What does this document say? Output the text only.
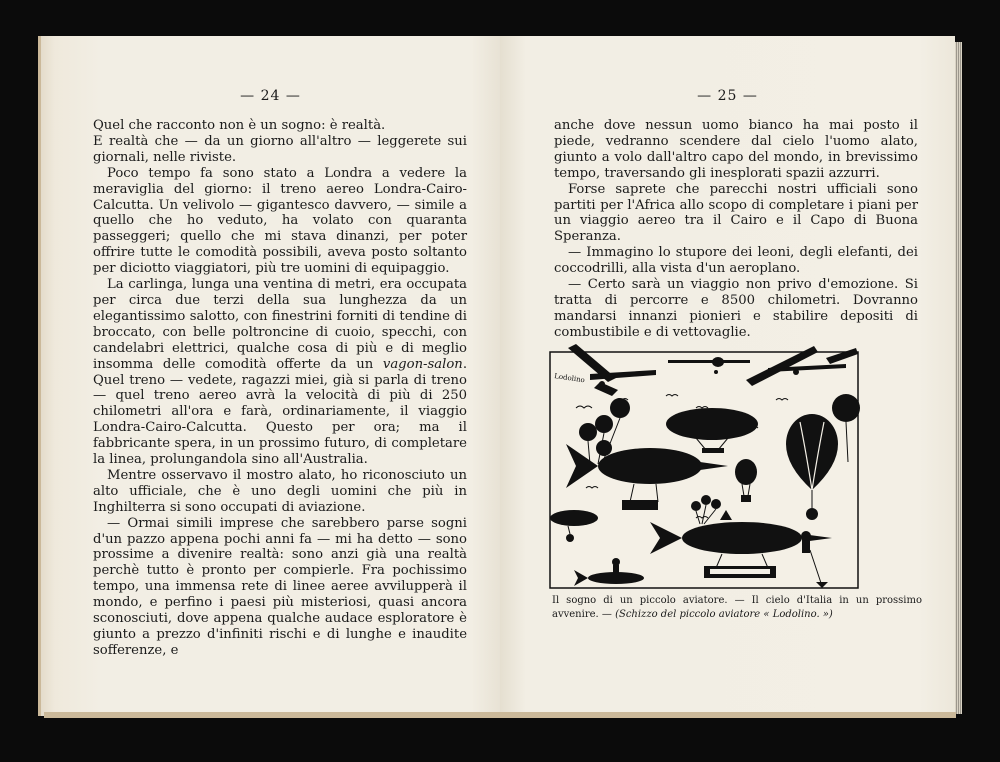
— 24 —

Quel che racconto non è un sogno: è realtà.

E realtà che — da un giorno all'altro — leggerete sui giornali, nelle riviste.

Poco tempo fa sono stato a Londra a vedere la meraviglia del giorno: il treno aereo Londra-Cairo-Calcutta. Un velivolo — gigantesco davvero, — simile a quello che ho veduto, ha volato con quaranta passeggeri; quello che mi stava dinanzi, per poter offrire tutte le comodità possibili, aveva posto soltanto per diciotto viaggiatori, più tre uomini di equipaggio.

La carlinga, lunga una ventina di metri, era occupata per circa due terzi della sua lunghezza da un elegantissimo salotto, con finestrini forniti di tendine di broccato, con belle poltroncine di cuoio, specchi, con candelabri elettrici, qualche cosa di più e di meglio insomma delle comodità offerte da un vagon-salon. Quel treno — vedete, ragazzi miei, già si parla di treno — quel treno aereo avrà la velocità di più di 250 chilometri all'ora e farà, ordinariamente, il viaggio Londra-Cairo-Calcutta. Questo per ora; ma il fabbricante spera, in un prossimo futuro, di completare la linea, prolungandola sino all'Australia.

Mentre osservavo il mostro alato, ho riconosciuto un alto ufficiale, che è uno degli uomini che più in Inghilterra si sono occupati di aviazione.

— Ormai simili imprese che sarebbero parse sogni d'un pazzo appena pochi anni fa — mi ha detto — sono prossime a divenire realtà: sono anzi già una realtà perchè tutto è pronto per compierle. Fra pochissimo tempo, una immensa rete di linee aeree avvilupperà il mondo, e perfino i paesi più misteriosi, quasi ancora sconosciuti, dove appena qualche audace esploratore è giunto a prezzo d'infiniti rischi e di lunghe e inaudite sofferenze, e

— 25 —

anche dove nessun uomo bianco ha mai posto il piede, vedranno scendere dal cielo l'uomo alato, giunto a volo dall'altro capo del mondo, in brevissimo tempo, traversando gli inesplorati spazii azzurri.

Forse saprete che parecchi nostri ufficiali sono partiti per l'Africa allo scopo di completare i piani per un viaggio aereo tra il Cairo e il Capo di Buona Speranza.

— Immagino lo stupore dei leoni, degli elefanti, dei coccodrilli, alla vista d'un aeroplano.

— Certo sarà un viaggio non privo d'emozione. Si tratta di percorre e 8500 chilometri. Dovranno mandarsi innanzi pionieri e stabilire depositi di combustibile e di vettovaglie.

Lodolino
Il sogno di un piccolo aviatore. — Il cielo d'Italia in un prossimo avvenire. — (Schizzo del piccolo aviatore « Lodolino. »)
